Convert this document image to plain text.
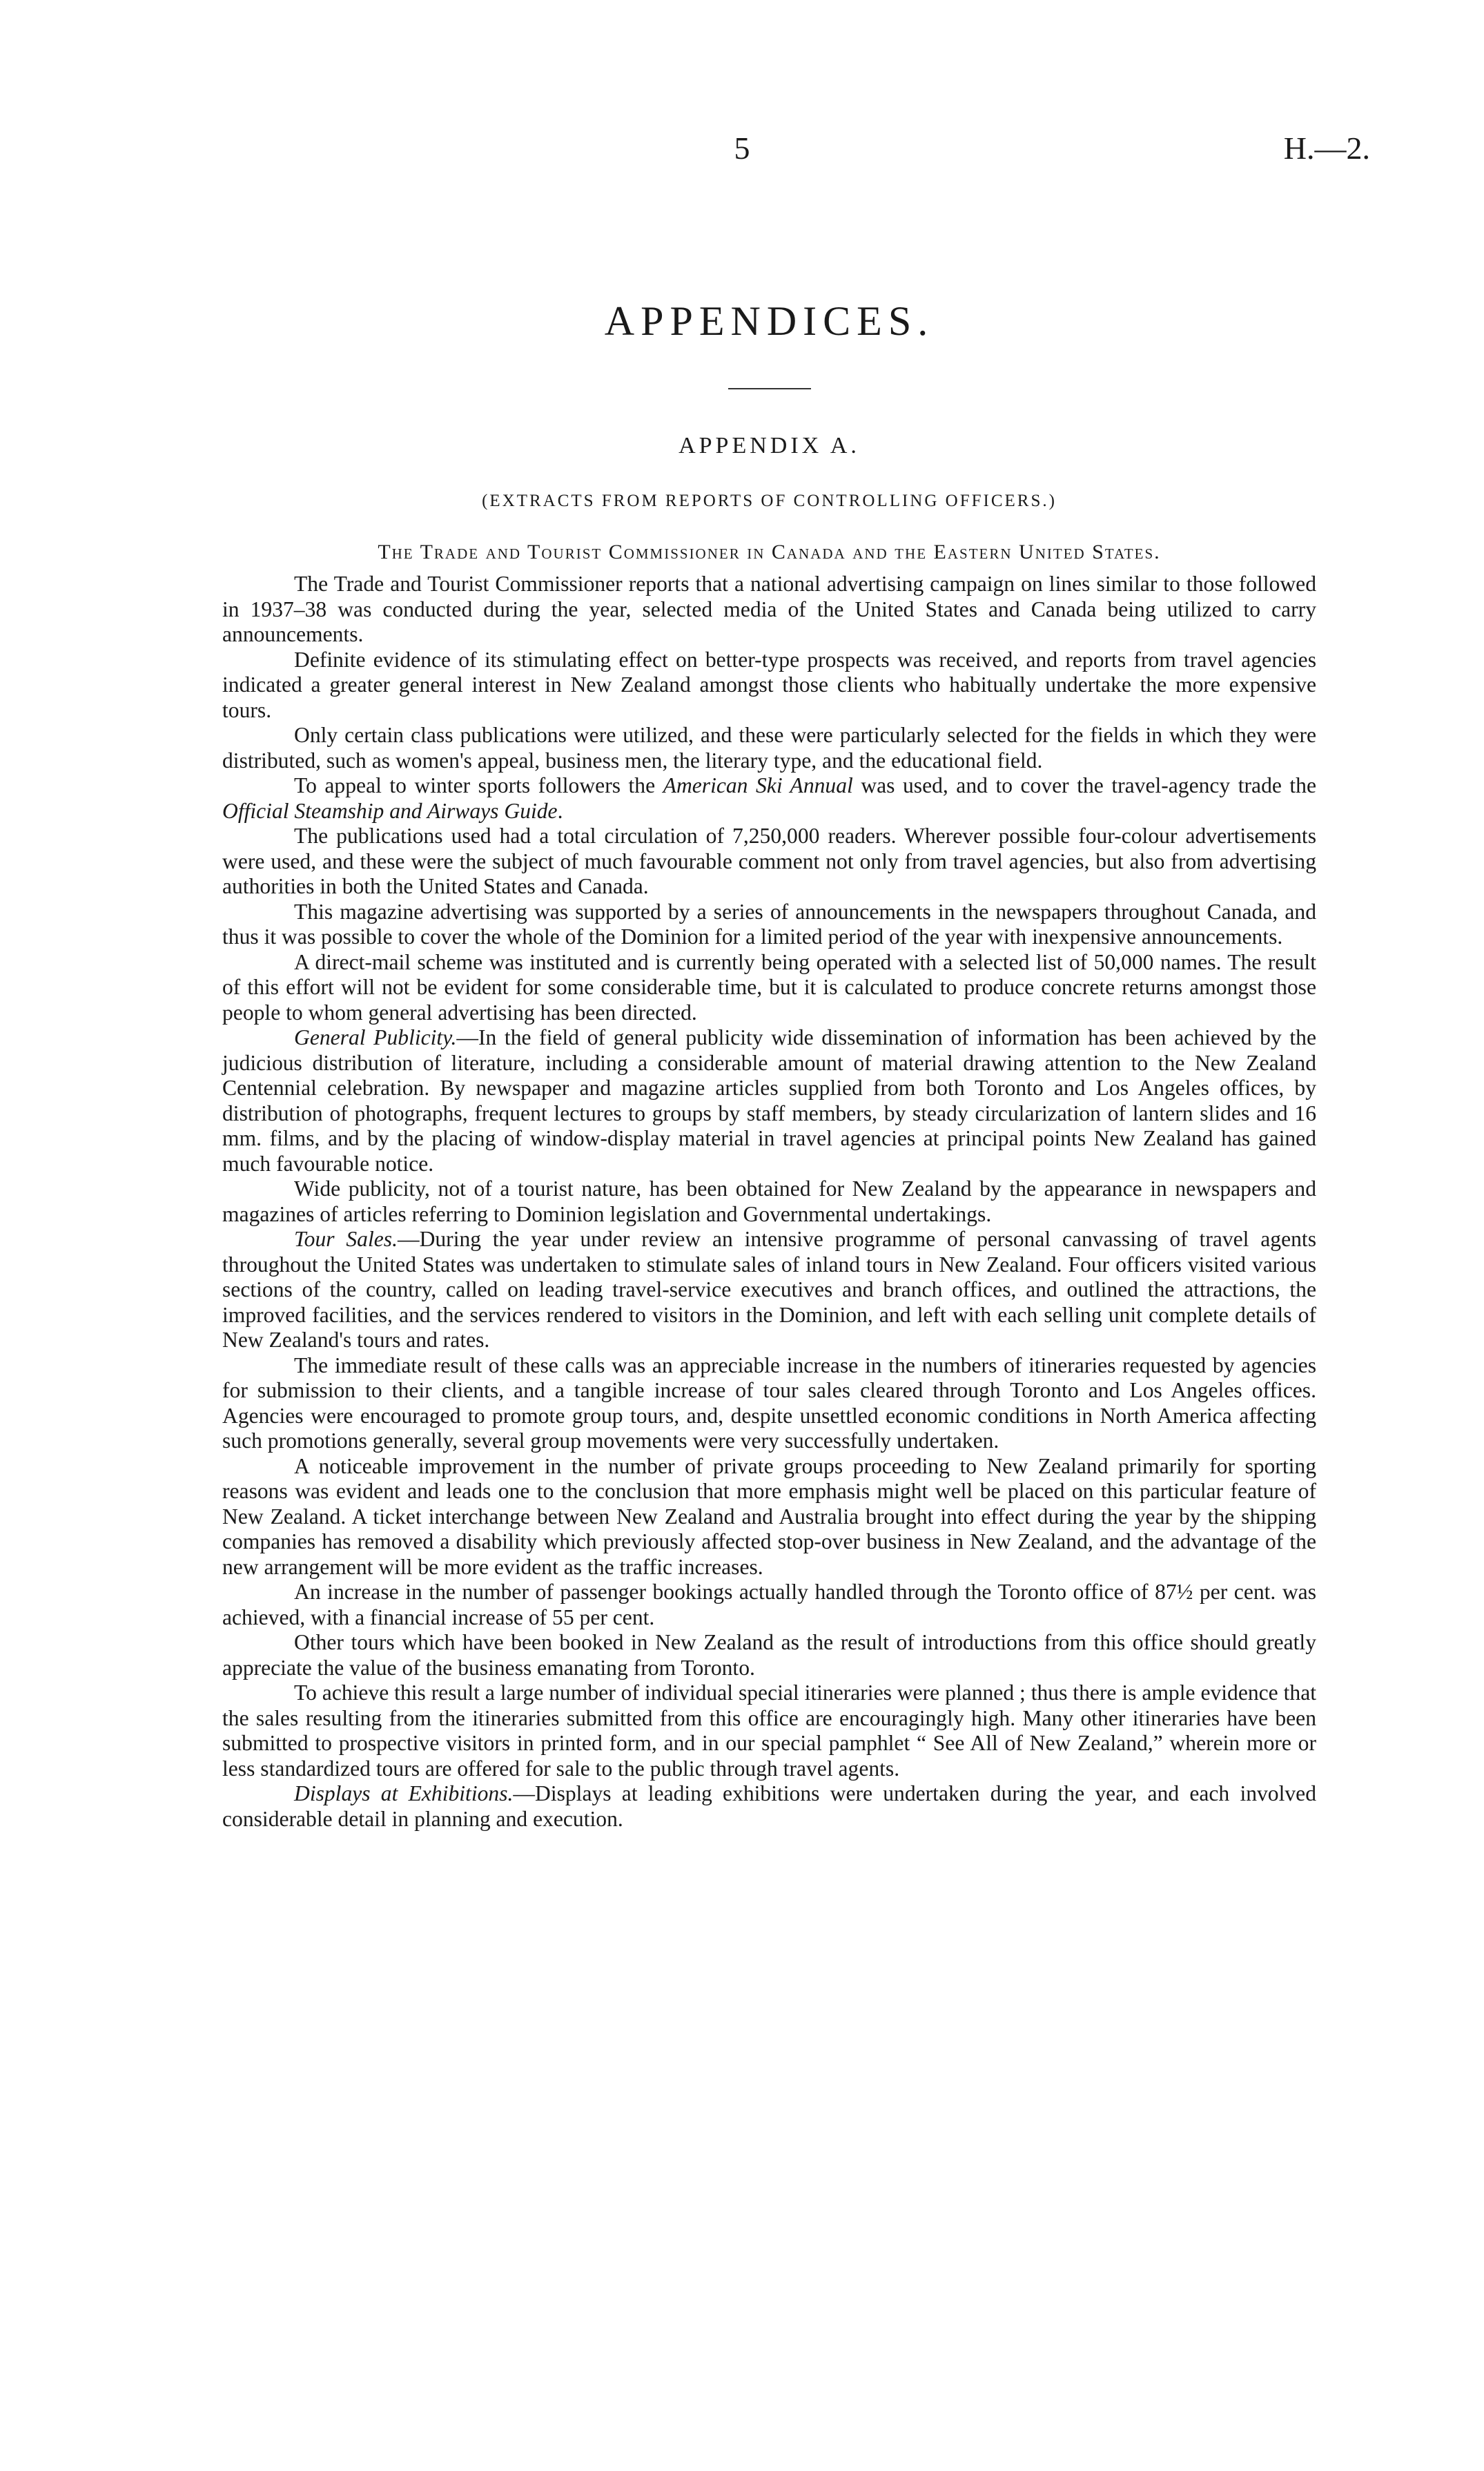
5	H.—2.
APPENDICES.
APPENDIX A.
(EXTRACTS FROM REPORTS OF CONTROLLING OFFICERS.)
The Trade and Tourist Commissioner in Canada and the Eastern United States.

The Trade and Tourist Commissioner reports that a national advertising campaign on lines similar to those followed in 1937–38 was conducted during the year, selected media of the United States and Canada being utilized to carry announcements.

Definite evidence of its stimulating effect on better-type prospects was received, and reports from travel agencies indicated a greater general interest in New Zealand amongst those clients who habitually undertake the more expensive tours.

Only certain class publications were utilized, and these were particularly selected for the fields in which they were distributed, such as women's appeal, business men, the literary type, and the educational field.

To appeal to winter sports followers the American Ski Annual was used, and to cover the travel-agency trade the Official Steamship and Airways Guide.

The publications used had a total circulation of 7,250,000 readers. Wherever possible four-colour advertisements were used, and these were the subject of much favourable comment not only from travel agencies, but also from advertising authorities in both the United States and Canada.

This magazine advertising was supported by a series of announcements in the newspapers throughout Canada, and thus it was possible to cover the whole of the Dominion for a limited period of the year with inexpensive announcements.

A direct-mail scheme was instituted and is currently being operated with a selected list of 50,000 names. The result of this effort will not be evident for some considerable time, but it is calculated to produce concrete returns amongst those people to whom general advertising has been directed.

General Publicity.—In the field of general publicity wide dissemination of information has been achieved by the judicious distribution of literature, including a considerable amount of material drawing attention to the New Zealand Centennial celebration. By newspaper and magazine articles supplied from both Toronto and Los Angeles offices, by distribution of photographs, frequent lectures to groups by staff members, by steady circularization of lantern slides and 16 mm. films, and by the placing of window-display material in travel agencies at principal points New Zealand has gained much favourable notice.

Wide publicity, not of a tourist nature, has been obtained for New Zealand by the appearance in newspapers and magazines of articles referring to Dominion legislation and Governmental undertakings.

Tour Sales.—During the year under review an intensive programme of personal canvassing of travel agents throughout the United States was undertaken to stimulate sales of inland tours in New Zealand. Four officers visited various sections of the country, called on leading travel-service executives and branch offices, and outlined the attractions, the improved facilities, and the services rendered to visitors in the Dominion, and left with each selling unit complete details of New Zealand's tours and rates.

The immediate result of these calls was an appreciable increase in the numbers of itineraries requested by agencies for submission to their clients, and a tangible increase of tour sales cleared through Toronto and Los Angeles offices. Agencies were encouraged to promote group tours, and, despite unsettled economic conditions in North America affecting such promotions generally, several group movements were very successfully undertaken.

A noticeable improvement in the number of private groups proceeding to New Zealand primarily for sporting reasons was evident and leads one to the conclusion that more emphasis might well be placed on this particular feature of New Zealand. A ticket interchange between New Zealand and Australia brought into effect during the year by the shipping companies has removed a disability which previously affected stop-over business in New Zealand, and the advantage of the new arrangement will be more evident as the traffic increases.

An increase in the number of passenger bookings actually handled through the Toronto office of 87½ per cent. was achieved, with a financial increase of 55 per cent.

Other tours which have been booked in New Zealand as the result of introductions from this office should greatly appreciate the value of the business emanating from Toronto.

To achieve this result a large number of individual special itineraries were planned ; thus there is ample evidence that the sales resulting from the itineraries submitted from this office are encouragingly high. Many other itineraries have been submitted to prospective visitors in printed form, and in our special pamphlet “ See All of New Zealand,” wherein more or less standardized tours are offered for sale to the public through travel agents.

Displays at Exhibitions.—Displays at leading exhibitions were undertaken during the year, and each involved considerable detail in planning and execution.
